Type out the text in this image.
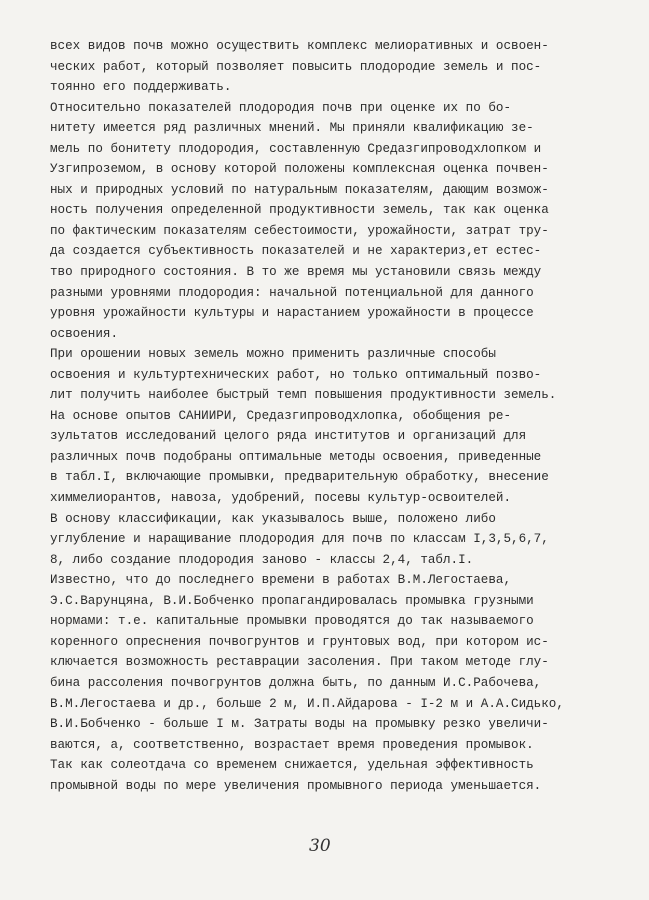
всех видов почв можно осуществить комплекс мелиоративных и освоен-
ческих работ, который позволяет повысить плодородие земель и пос-
тоянно его поддерживать.
Относительно показателей плодородия почв при оценке их по бо-
нитету имеется ряд различных мнений. Мы приняли квалификацию зе-
мель по бонитету плодородия, составленную Средазгипроводхлопком и
Узгипроземом, в основу которой положены комплексная оценка почвен-
ных и природных условий по натуральным показателям, дающим возмож-
ность получения определенной продуктивности земель, так как оценка
по фактическим показателям себестоимости, урожайности, затрат тру-
да создается субъективность показателей и не характериз‚ет естес-
тво природного состояния. В то же время мы установили связь между
разными уровнями плодородия: начальной потенциальной для данного
уровня урожайности культуры и нарастанием урожайности в процессе
освоения.
При орошении новых земель можно применить различные способы
освоения и культуртехнических работ, но только оптимальный позво-
лит получить наиболее быстрый темп повышения продуктивности земель.
На основе опытов САНИИРИ, Средазгипроводхлопка, обобщения ре-
зультатов исследований целого ряда институтов и организаций для
различных почв подобраны оптимальные методы освоения, приведенные
в табл.I, включающие промывки, предварительную обработку, внесение
химмелиорантов, навоза, удобрений, посевы культур-освоителей.
В основу классификации, как указывалось выше, положено либо
углубление и наращивание плодородия для почв по классам I,3,5,6,7,
8, либо создание плодородия заново - классы 2,4, табл.I.
Известно, что до последнего времени в работах В.М.Легостаева,
Э.С.Варунцяна, В.И.Бобченко пропагандировалась промывка грузными
нормами: т.е. капитальные промывки проводятся до так называемого
коренного опреснения почвогрунтов и грунтовых вод, при котором ис-
ключается возможность реставрации засоления. При таком методе глу-
бина рассоления почвогрунтов должна быть, по данным И.С.Рабочева,
В.М.Легостаева и др., больше 2 м, И.П.Айдарова - I-2 м и А.А.Сидько,
В.И.Бобченко - больше I м. Затраты воды на промывку резко увеличи-
ваются, а, соответственно, возрастает время проведения промывок.
Так как солеотдача со временем снижается, удельная эффективность
промывной воды по мере увеличения промывного периода уменьшается.
30
